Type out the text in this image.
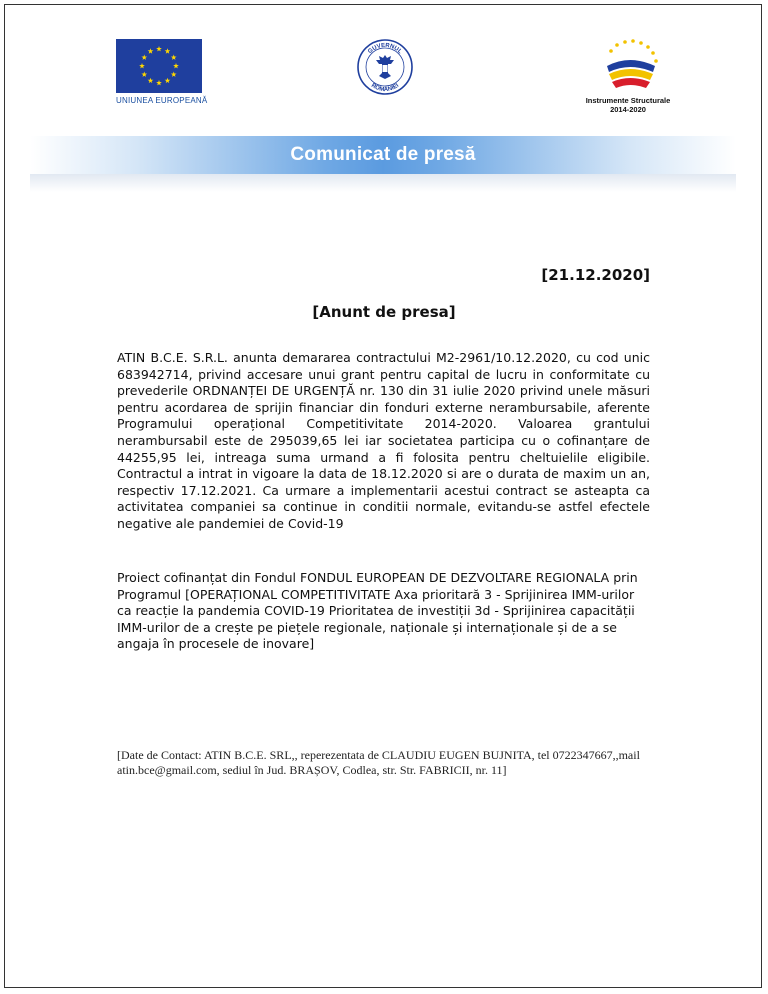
UNIUNEA EUROPEANĂ
GUVERNUL
ROMÂNIEI
Instrumente Structurale
2014-2020
Comunicat de presă
[21.12.2020]
[Anunt de presa]
ATIN B.C.E. S.R.L. anunta demararea contractului M2-2961/10.12.2020, cu cod unic 683942714, privind accesare unui grant pentru capital de lucru in conformitate cu prevederile ORDNANȚEI DE URGENȚĂ nr. 130 din 31 iulie 2020 privind unele măsuri pentru acordarea de sprijin financiar din fonduri externe nerambursabile, aferente Programului operațional Competitivitate 2014-2020. Valoarea grantului nerambursabil este de 295039,65 lei iar societatea participa cu o cofinanțare de 44255,95 lei, intreaga suma urmand a fi folosita pentru cheltuielile eligibile. Contractul a intrat in vigoare la data de 18.12.2020 si are o durata de maxim un an, respectiv 17.12.2021. Ca urmare a implementarii acestui contract se asteapta ca activitatea companiei sa continue in conditii normale, evitandu-se astfel efectele negative ale pandemiei de Covid-19
Proiect cofinanțat din Fondul FONDUL EUROPEAN DE DEZVOLTARE REGIONALA prin Programul [OPERAȚIONAL COMPETITIVITATE Axa prioritară 3 - Sprijinirea IMM-urilor ca reacție la pandemia COVID-19 Prioritatea de investiții 3d - Sprijinirea capacității IMM-urilor de a crește pe piețele regionale, naționale și internaționale și de a se angaja în procesele de inovare]
[Date de Contact: ATIN B.C.E. SRL,, reperezentata de CLAUDIU EUGEN BUJNITA, tel 0722347667,,mail
atin.bce@gmail.com, sediul în Jud. BRAȘOV, Codlea, str. Str. FABRICII, nr. 11]
